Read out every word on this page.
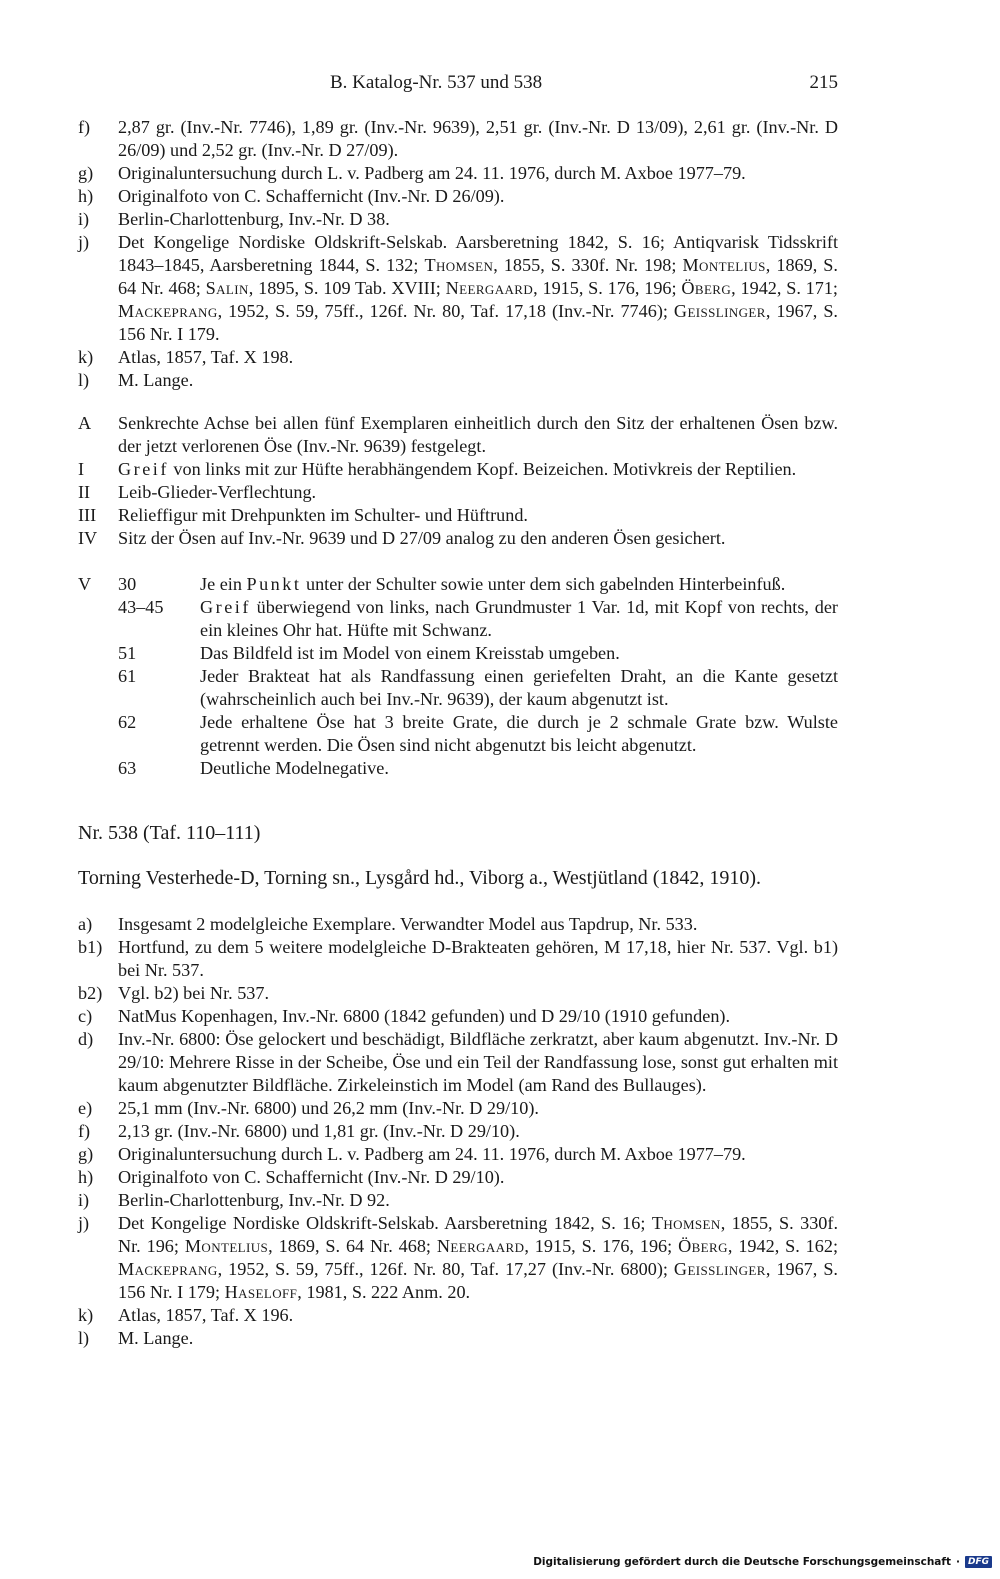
B. Katalog-Nr. 537 und 538	215
f)	2,87 gr. (Inv.-Nr. 7746), 1,89 gr. (Inv.-Nr. 9639), 2,51 gr. (Inv.-Nr. D 13/09), 2,61 gr. (Inv.-Nr. D 26/09) und 2,52 gr. (Inv.-Nr. D 27/09).
g)	Originaluntersuchung durch L. v. Padberg am 24. 11. 1976, durch M. Axboe 1977–79.
h)	Originalfoto von C. Schaffernicht (Inv.-Nr. D 26/09).
i)	Berlin-Charlottenburg, Inv.-Nr. D 38.
j)	Det Kongelige Nordiske Oldskrift-Selskab. Aarsberetning 1842, S. 16; Antiqvarisk Tidsskrift 1843–1845, Aarsberetning 1844, S. 132; Thomsen, 1855, S. 330f. Nr. 198; Montelius, 1869, S. 64 Nr. 468; Salin, 1895, S. 109 Tab. XVIII; Neergaard, 1915, S. 176, 196; Öberg, 1942, S. 171; Mackeprang, 1952, S. 59, 75ff., 126f. Nr. 80, Taf. 17,18 (Inv.-Nr. 7746); Geisslinger, 1967, S. 156 Nr. I 179.
k)	Atlas, 1857, Taf. X 198.
l)	M. Lange.
A	Senkrechte Achse bei allen fünf Exemplaren einheitlich durch den Sitz der erhaltenen Ösen bzw. der jetzt verlorenen Öse (Inv.-Nr. 9639) festgelegt.
I	Greif von links mit zur Hüfte herabhängendem Kopf. Beizeichen. Motivkreis der Reptilien.
II	Leib-Glieder-Verflechtung.
III	Relieffigur mit Drehpunkten im Schulter- und Hüftrund.
IV	Sitz der Ösen auf Inv.-Nr. 9639 und D 27/09 analog zu den anderen Ösen gesichert.
V	30	Je ein Punkt unter der Schulter sowie unter dem sich gabelnden Hinterbeinfuß.
43–45	Greif überwiegend von links, nach Grundmuster 1 Var. 1d, mit Kopf von rechts, der ein kleines Ohr hat. Hüfte mit Schwanz.
51	Das Bildfeld ist im Model von einem Kreisstab umgeben.
61	Jeder Brakteat hat als Randfassung einen geriefelten Draht, an die Kante gesetzt (wahrscheinlich auch bei Inv.-Nr. 9639), der kaum abgenutzt ist.
62	Jede erhaltene Öse hat 3 breite Grate, die durch je 2 schmale Grate bzw. Wulste getrennt werden. Die Ösen sind nicht abgenutzt bis leicht abgenutzt.
63	Deutliche Modelnegative.
Nr. 538 (Taf. 110–111)
Torning Vesterhede-D, Torning sn., Lysgård hd., Viborg a., Westjütland (1842, 1910).
a)	Insgesamt 2 modelgleiche Exemplare. Verwandter Model aus Tapdrup, Nr. 533.
b1) Hortfund, zu dem 5 weitere modelgleiche D-Brakteaten gehören, M 17,18, hier Nr. 537. Vgl. b1) bei Nr. 537.
b2) Vgl. b2) bei Nr. 537.
c)	NatMus Kopenhagen, Inv.-Nr. 6800 (1842 gefunden) und D 29/10 (1910 gefunden).
d)	Inv.-Nr. 6800: Öse gelockert und beschädigt, Bildfläche zerkratzt, aber kaum abgenutzt. Inv.-Nr. D 29/10: Mehrere Risse in der Scheibe, Öse und ein Teil der Randfassung lose, sonst gut erhalten mit kaum abgenutzter Bildfläche. Zirkeleinstich im Model (am Rand des Bullauges).
e)	25,1 mm (Inv.-Nr. 6800) und 26,2 mm (Inv.-Nr. D 29/10).
f)	2,13 gr. (Inv.-Nr. 6800) und 1,81 gr. (Inv.-Nr. D 29/10).
g)	Originaluntersuchung durch L. v. Padberg am 24. 11. 1976, durch M. Axboe 1977–79.
h)	Originalfoto von C. Schaffernicht (Inv.-Nr. D 29/10).
i)	Berlin-Charlottenburg, Inv.-Nr. D 92.
j)	Det Kongelige Nordiske Oldskrift-Selskab. Aarsberetning 1842, S. 16; Thomsen, 1855, S. 330f. Nr. 196; Montelius, 1869, S. 64 Nr. 468; Neergaard, 1915, S. 176, 196; Öberg, 1942, S. 162; Mackeprang, 1952, S. 59, 75ff., 126f. Nr. 80, Taf. 17,27 (Inv.-Nr. 6800); Geisslinger, 1967, S. 156 Nr. I 179; Haseloff, 1981, S. 222 Anm. 20.
k)	Atlas, 1857, Taf. X 196.
l)	M. Lange.
Digitalisierung gefördert durch die Deutsche Forschungsgemeinschaft · DFG
